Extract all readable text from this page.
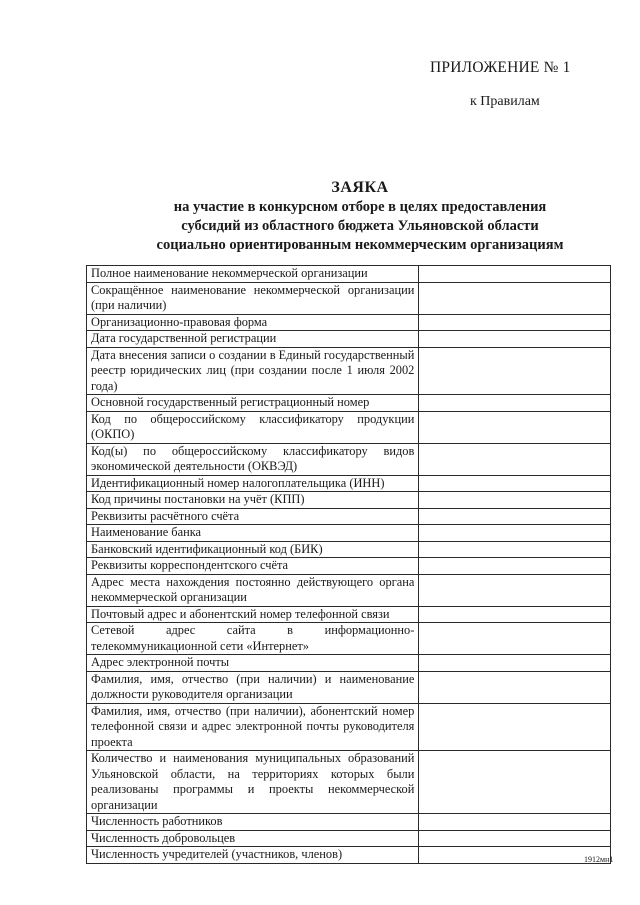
ПРИЛОЖЕНИЕ № 1
к Правилам
ЗАЯКА
на участие в конкурсном отборе в целях предоставления
субсидий из областного бюджета Ульяновской области
социально ориентированным некоммерческим организациям
Полное наименование некоммерческой организации	
Сокращённое наименование некоммерческой организации (при наличии)	
Организационно-правовая форма	
Дата государственной регистрации	
Дата внесения записи о создании в Единый государственный реестр юридических лиц (при создании после 1 июля 2002 года)	
Основной государственный регистрационный номер	
Код по общероссийскому классификатору продукции (ОКПО)	
Код(ы) по общероссийскому классификатору видов экономической деятельности (ОКВЭД)	
Идентификационный номер налогоплательщика (ИНН)	
Код причины постановки на учёт (КПП)	
Реквизиты расчётного счёта	
Наименование банка	
Банковский идентификационный код (БИК)	
Реквизиты корреспондентского счёта	
Адрес места нахождения постоянно действующего органа некоммерческой организации	
Почтовый адрес и абонентский номер телефонной связи	
Сетевой адрес сайта в информационно-телекоммуникационной сети «Интернет»	
Адрес электронной почты	
Фамилия, имя, отчество (при наличии) и наименование должности руководителя организации	
Фамилия, имя, отчество (при наличии), абонентский номер телефонной связи и адрес электронной почты руководителя проекта	
Количество и наименования муниципальных образований Ульяновской области, на территориях которых были реализованы программы и проекты некоммерческой организации	
Численность работников	
Численность добровольцев	
Численность учредителей (участников, членов)		1912мн1
